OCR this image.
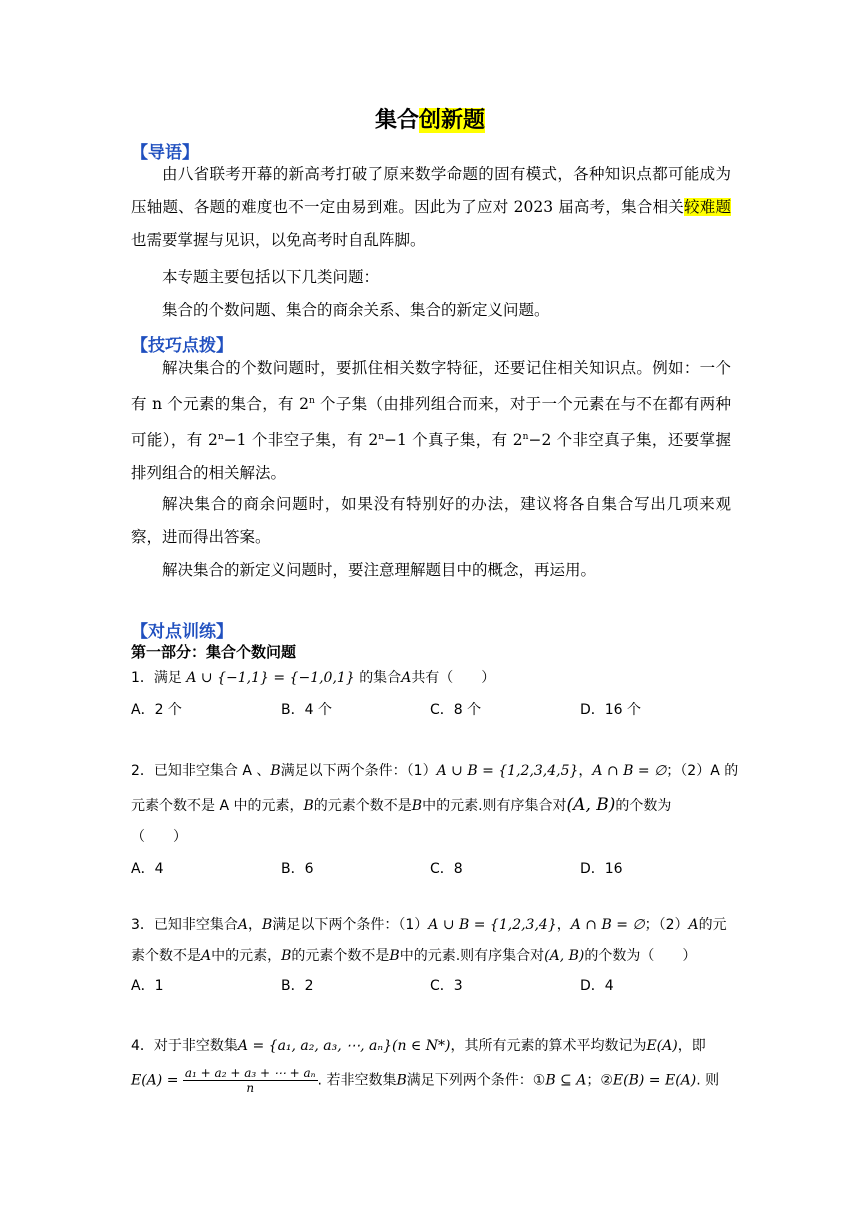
集合创新题
【导语】
由八省联考开幕的新高考打破了原来数学命题的固有模式，各种知识点都可能成为压轴题、各题的难度也不一定由易到难。因此为了应对 2023 届高考，集合相关较难题也需要掌握与见识，以免高考时自乱阵脚。
本专题主要包括以下几类问题：
集合的个数问题、集合的商余关系、集合的新定义问题。
【技巧点拨】
解决集合的个数问题时，要抓住相关数字特征，还要记住相关知识点。例如：一个有 n 个元素的集合，有 2$^n$ 个子集（由排列组合而来，对于一个元素在与不在都有两种可能），有 $2^n-1$ 个非空子集，有 $2^n-1$ 个真子集，有 $2^n-2$ 个非空真子集，还要掌握排列组合的相关解法。
解决集合的商余问题时，如果没有特别好的办法，建议将各自集合写出几项来观察，进而得出答案。
解决集合的新定义问题时，要注意理解题目中的概念，再运用。
【对点训练】
第一部分：集合个数问题
1．满足 A ∪ {−1,1} = {−1,0,1} 的集合A共有（　　）
A．2 个	B．4 个	C．8 个	D．16 个
2．已知非空集合 A 、B满足以下两个条件：（1）A ∪ B = {1,2,3,4,5}，A ∩ B = ∅；（2）A 的
元素个数不是 A 中的元素，B的元素个数不是B中的元素.则有序集合对(A, B)的个数为
（　　）
A．4	B．6	C．8	D．16
3．已知非空集合A，B满足以下两个条件：（1）A ∪ B = {1,2,3,4}，A ∩ B = ∅；（2）A的元
素个数不是A中的元素，B的元素个数不是B中的元素.则有序集合对(A, B)的个数为（　　）
A．1	B．2	C．3	D．4
4．对于非空数集A = {a₁, a₂, a₃, ⋯, aₙ}(n ∈ N*)，其所有元素的算术平均数记为E(A)，即
$E(A) = \frac{\text{a₁ + a₂ + a₃ + ⋯ + aₙ}}{n}$ . 若非空数集B满足下列两个条件：①B ⊆ A；②E(B) = E(A). 则
